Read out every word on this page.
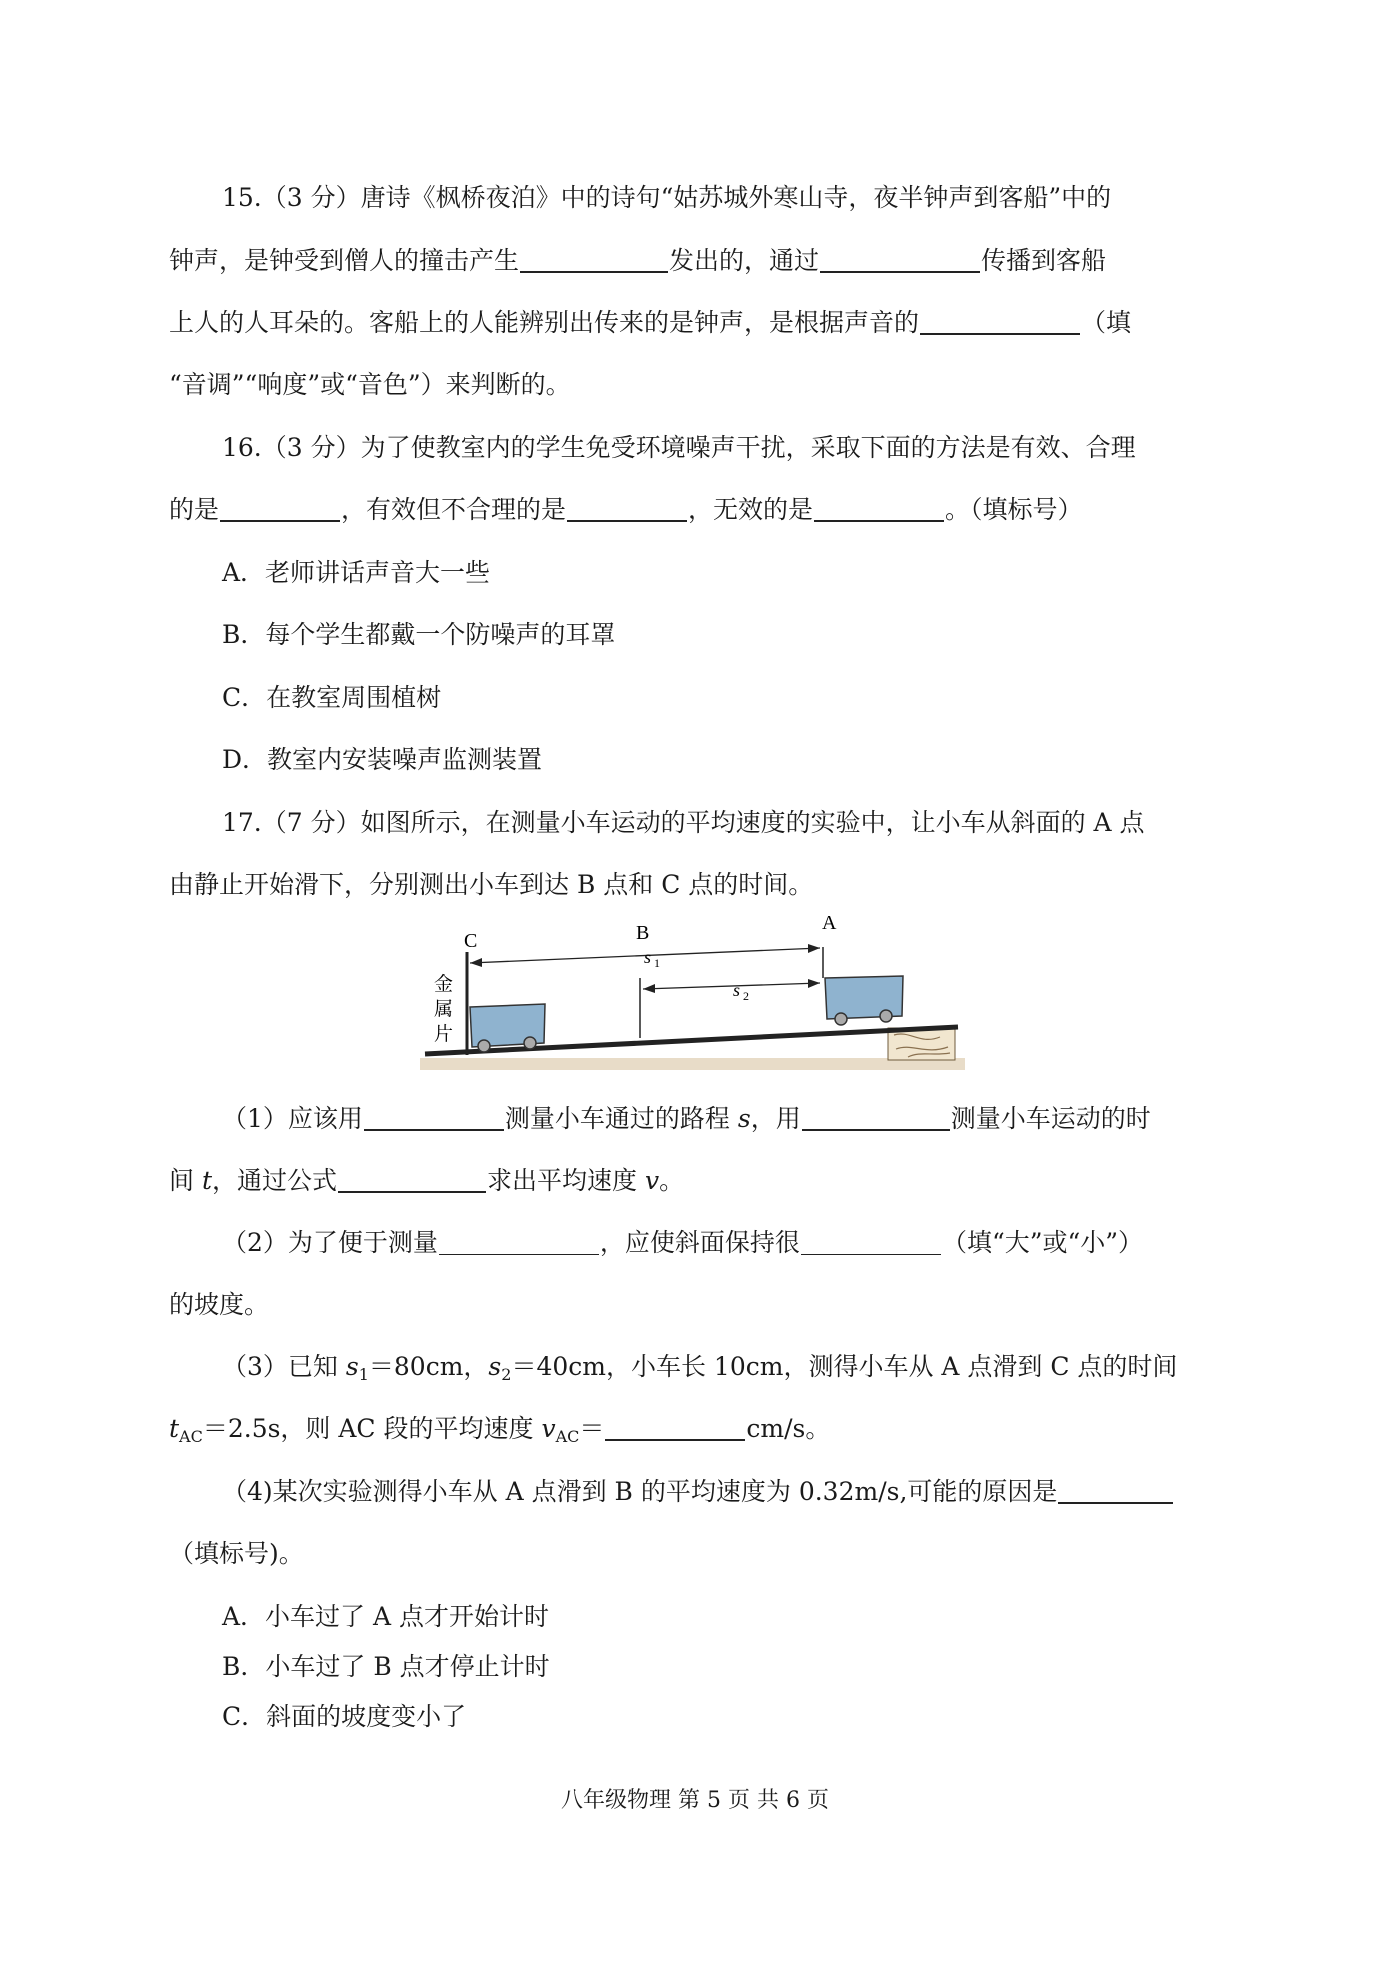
15.（3 分）唐诗《枫桥夜泊》中的诗句“姑苏城外寒山寺，夜半钟声到客船”中的
钟声，是钟受到僧人的撞击产生	发出的，通过	传播到客船
上人的人耳朵的。客船上的人能辨别出传来的是钟声，是根据声音的	（填
“音调”“响度”或“音色”）来判断的。
16.（3 分）为了使教室内的学生免受环境噪声干扰，采取下面的方法是有效、合理
的是	，有效但不合理的是	，无效的是	。（填标号）
A．老师讲话声音大一些
B．每个学生都戴一个防噪声的耳罩
C．在教室周围植树
D．教室内安装噪声监测装置
17.（7 分）如图所示，在测量小车运动的平均速度的实验中，让小车从斜面的 A 点
由静止开始滑下，分别测出小车到达 B 点和 C 点的时间。
C	B	A
s 1
s 2
金
属
片
（1）应该用	测量小车通过的路程 s，用	测量小车运动的时
间 t，通过公式	求出平均速度 v。
（2）为了便于测量	，应使斜面保持很	（填“大”或“小”）
的坡度。
（3）已知 $s_1=80cm$，$s_2=40cm$，小车长 10cm，测得小车从 A 点滑到 C 点的时间
$t_{AC}=2.5s$，则 AC 段的平均速度 $v_{AC}=$	cm/s。
（4)某次实验测得小车从 A 点滑到 B 的平均速度为 0.32m/s,可能的原因是
（填标号)。
A．小车过了 A 点才开始计时
B．小车过了 B 点才停止计时
C．斜面的坡度变小了
八年级物理 第 5 页 共 6 页
